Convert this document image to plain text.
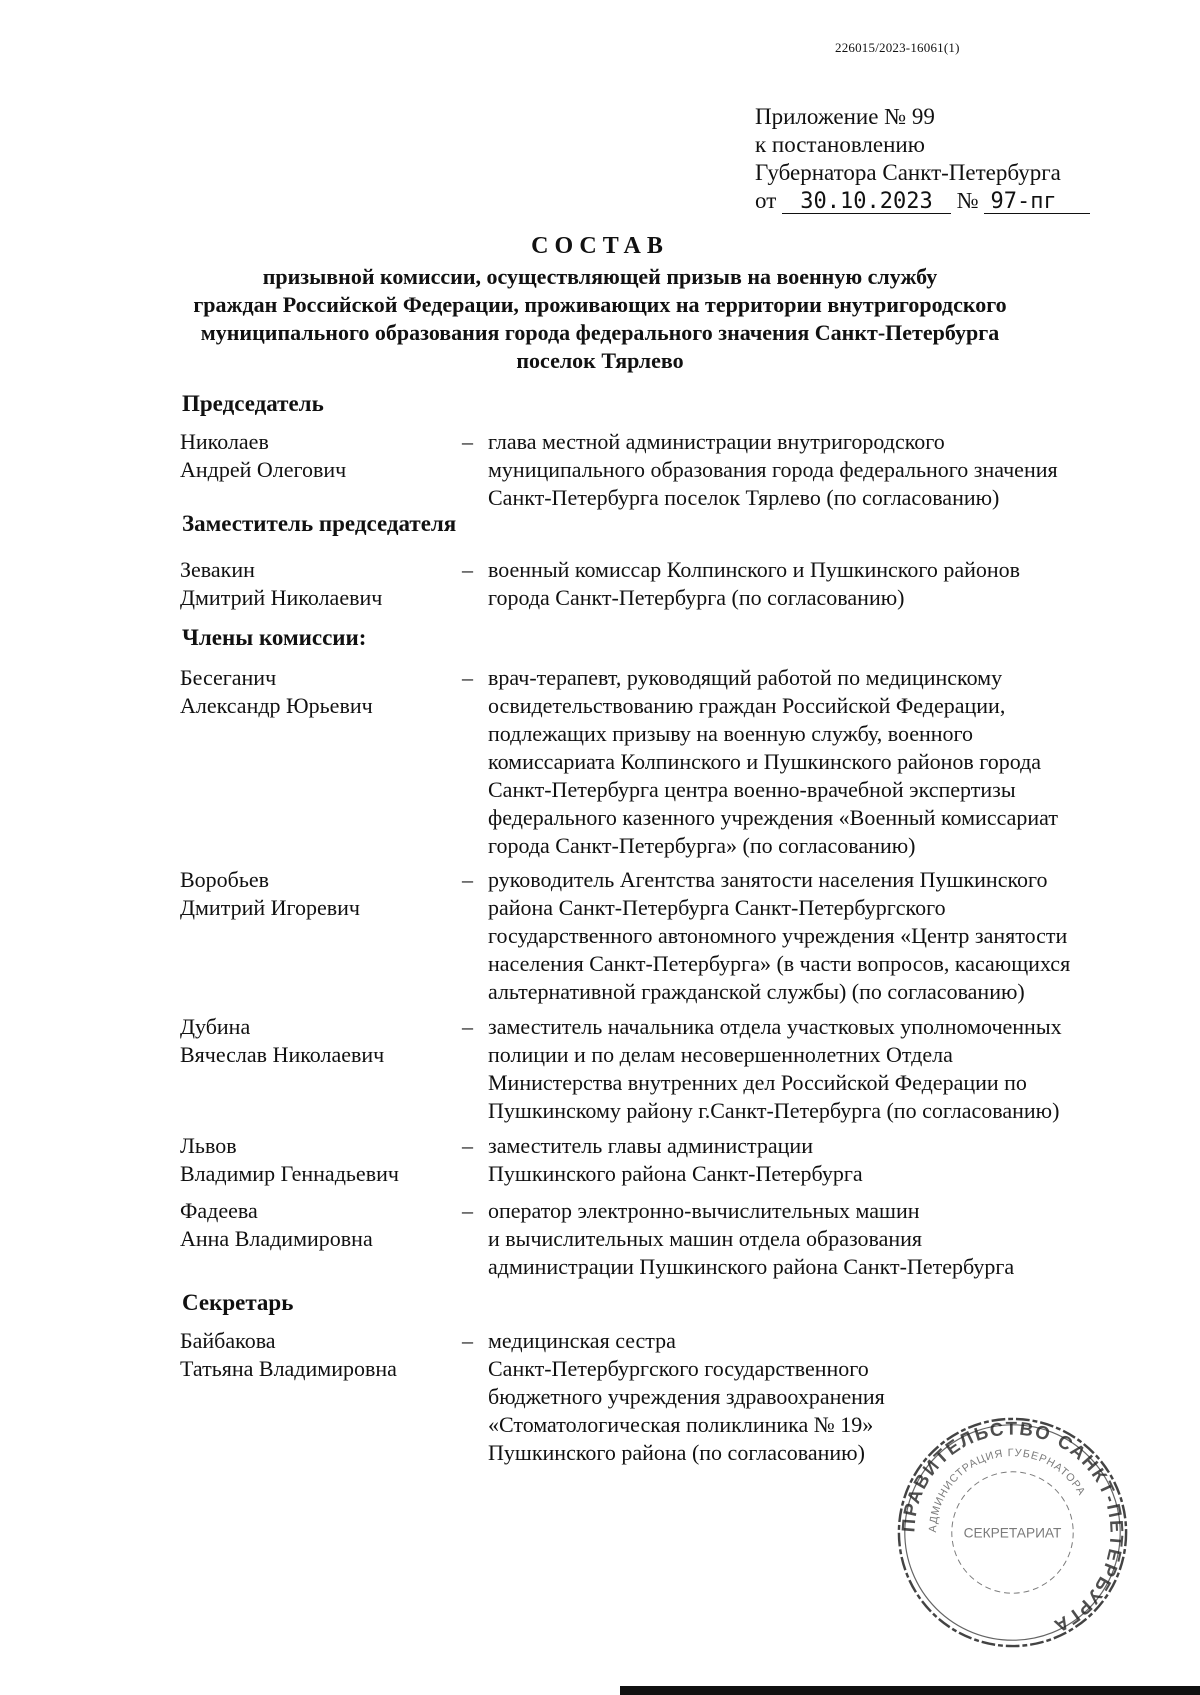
226015/2023-16061(1)
Приложение № 99
к постановлению
Губернатора Санкт-Петербурга
от 30.10.2023 № 97-пг
СОСТАВ
призывной комиссии, осуществляющей призыв на военную службу
граждан Российской Федерации, проживающих на территории внутригородского
муниципального образования города федерального значения Санкт-Петербурга
поселок Тярлево
Председатель
Николаев
Андрей Олегович
– глава местной администрации внутригородского
муниципального образования города федерального значения
Санкт-Петербурга поселок Тярлево (по согласованию)
Заместитель председателя
Зевакин
Дмитрий Николаевич
– военный комиссар Колпинского и Пушкинского районов
города Санкт-Петербурга (по согласованию)
Члены комиссии:
Бесеганич
Александр Юрьевич
– врач-терапевт, руководящий работой по медицинскому
освидетельствованию граждан Российской Федерации,
подлежащих призыву на военную службу, военного
комиссариата Колпинского и Пушкинского районов города
Санкт-Петербурга центра военно-врачебной экспертизы
федерального казенного учреждения «Военный комиссариат
города Санкт-Петербурга» (по согласованию)
Воробьев
Дмитрий Игоревич
– руководитель Агентства занятости населения Пушкинского
района Санкт-Петербурга Санкт-Петербургского
государственного автономного учреждения «Центр занятости
населения Санкт-Петербурга» (в части вопросов, касающихся
альтернативной гражданской службы) (по согласованию)
Дубина
Вячеслав Николаевич
– заместитель начальника отдела участковых уполномоченных
полиции и по делам несовершеннолетних Отдела
Министерства внутренних дел Российской Федерации по
Пушкинскому району г.Санкт-Петербурга (по согласованию)
Львов
Владимир Геннадьевич
– заместитель главы администрации
Пушкинского района Санкт-Петербурга
Фадеева
Анна Владимировна
– оператор электронно-вычислительных машин
и вычислительных машин отдела образования
администрации Пушкинского района Санкт-Петербурга
Секретарь
Байбакова
Татьяна Владимировна
– медицинская сестра
Санкт-Петербургского государственного
бюджетного учреждения здравоохранения
«Стоматологическая поликлиника № 19»
Пушкинского района (по согласованию)
ПРАВИТЕЛЬСТВО САНКТ-ПЕТЕРБУРГА
АДМИНИСТРАЦИЯ ГУБЕРНАТОРА
СЕКРЕТАРИАТ
